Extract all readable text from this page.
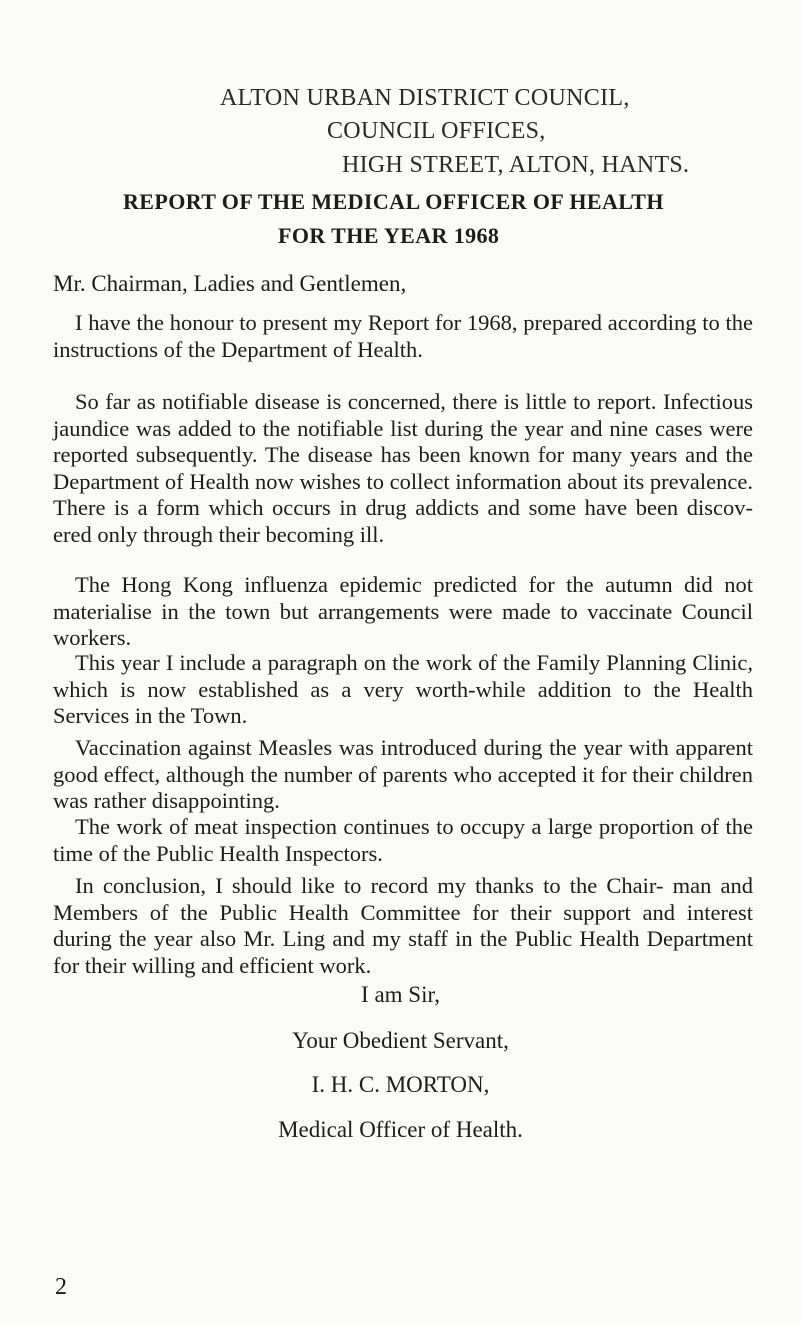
ALTON URBAN DISTRICT COUNCIL,
COUNCIL OFFICES,
HIGH STREET, ALTON, HANTS.
REPORT OF THE MEDICAL OFFICER OF HEALTH
FOR THE YEAR 1968
Mr. Chairman, Ladies and Gentlemen,

I have the honour to present my Report for 1968, prepared according to the instructions of the Department of Health.

So far as notifiable disease is concerned, there is little to report. Infectious jaundice was added to the notifiable list during the year and nine cases were reported subsequently. The disease has been known for many years and the Department of Health now wishes to collect information about its prevalence. There is a form which occurs in drug addicts and some have been discov- ered only through their becoming ill.

The Hong Kong influenza epidemic predicted for the autumn did not materialise in the town but arrangements were made to vaccinate Council workers.

This year I include a paragraph on the work of the Family Planning Clinic, which is now established as a very worth-while addition to the Health Services in the Town.

Vaccination against Measles was introduced during the year with apparent good effect, although the number of parents who accepted it for their children was rather disappointing.

The work of meat inspection continues to occupy a large proportion of the time of the Public Health Inspectors.

In conclusion, I should like to record my thanks to the Chair- man and Members of the Public Health Committee for their support and interest during the year also Mr. Ling and my staff in the Public Health Department for their willing and efficient work.

I am Sir,
Your Obedient Servant,
I. H. C. MORTON,
Medical Officer of Health.
2
